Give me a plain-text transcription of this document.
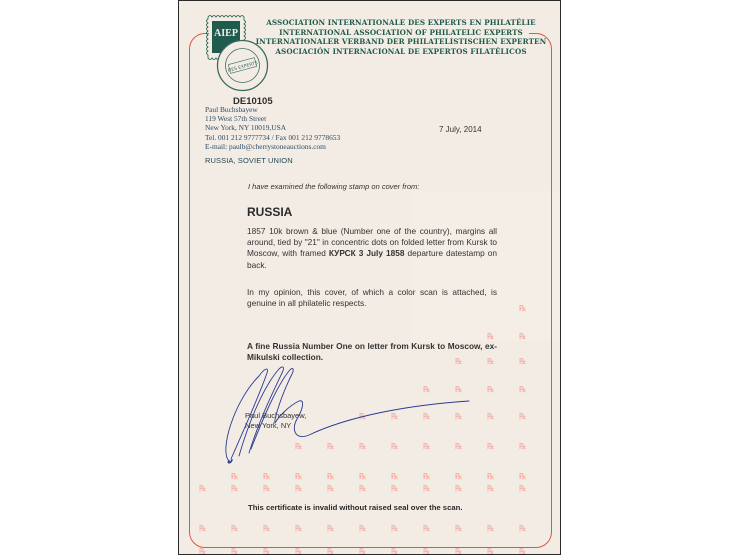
℞
℞	℞
℞	℞	℞
℞	℞	℞	℞
℞	℞	℞	℞	℞	℞
℞	℞	℞	℞	℞	℞	℞	℞
℞	℞	℞	℞	℞	℞	℞	℞	℞	℞
℞	℞	℞	℞	℞	℞	℞	℞	℞	℞	℞
℞	℞	℞	℞	℞	℞	℞	℞	℞	℞	℞
℞	℞	℞	℞	℞	℞	℞	℞	℞	℞	℞
AIEP
DES EXPERTS
ASSOCIATION INTERNATIONALE DES EXPERTS EN PHILATÉLIE
INTERNATIONAL ASSOCIATION OF PHILATELIC EXPERTS
INTERNATIONALER VERBAND DER PHILATELISTISCHEN EXPERTEN
ASOCIACIÓN INTERNACIONAL DE EXPERTOS FILATÉLICOS
Paul Buchsbayew
119 West 57th Street
New York, NY 10019,USA
Tel. 001 212 9777734 / Fax 001 212 9778653
E-mail: paulb@cherrystoneauctions.com
DE10105
7 July, 2014
RUSSIA, SOVIET UNION
I have examined the following stamp on cover from:
RUSSIA
1857 10k brown & blue (Number one of the country), margins all around, tied by "21" in concentric dots on folded letter from Kursk to Moscow, with framed КУРСК 3 July 1858 departure datestamp on back.
In my opinion, this cover, of which a color scan is attached, is genuine in all philatelic respects.
A fine Russia Number One on letter from Kursk to Moscow, ex-Mikulski collection.
Paul Buchsbayew,
New York, NY
This certificate is invalid without raised seal over the scan.
